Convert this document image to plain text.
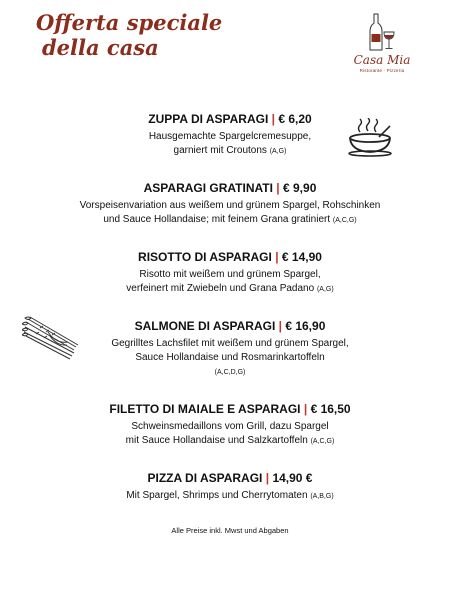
Offerta speciale
della casa	Casa Mia
Ristorante · Pizzeria
ZUPPA DI ASPARAGI | € 6,20

Hausgemachte Spargelcremesuppe,
garniert mit Croutons (A,G)

ASPARAGI GRATINATI | € 9,90

Vorspeisenvariation aus weißem und grünem Spargel, Rohschinken
und Sauce Hollandaise; mit feinem Grana gratiniert (A,C,G)

RISOTTO DI ASPARAGI | € 14,90

Risotto mit weißem und grünem Spargel,
verfeinert mit Zwiebeln und Grana Padano (A,G)

SALMONE DI ASPARAGI | € 16,90

Gegrilltes Lachsfilet mit weißem und grünem Spargel,
Sauce Hollandaise und Rosmarinkartoffeln
(A,C,D,G)

FILETTO DI MAIALE E ASPARAGI | € 16,50

Schweinsmedaillons vom Grill, dazu Spargel
mit Sauce Hollandaise und Salzkartoffeln (A,C,G)

PIZZA DI ASPARAGI | 14,90 €

Mit Spargel, Shrimps und Cherrytomaten (A,B,G)

Alle Preise inkl. Mwst und Abgaben
